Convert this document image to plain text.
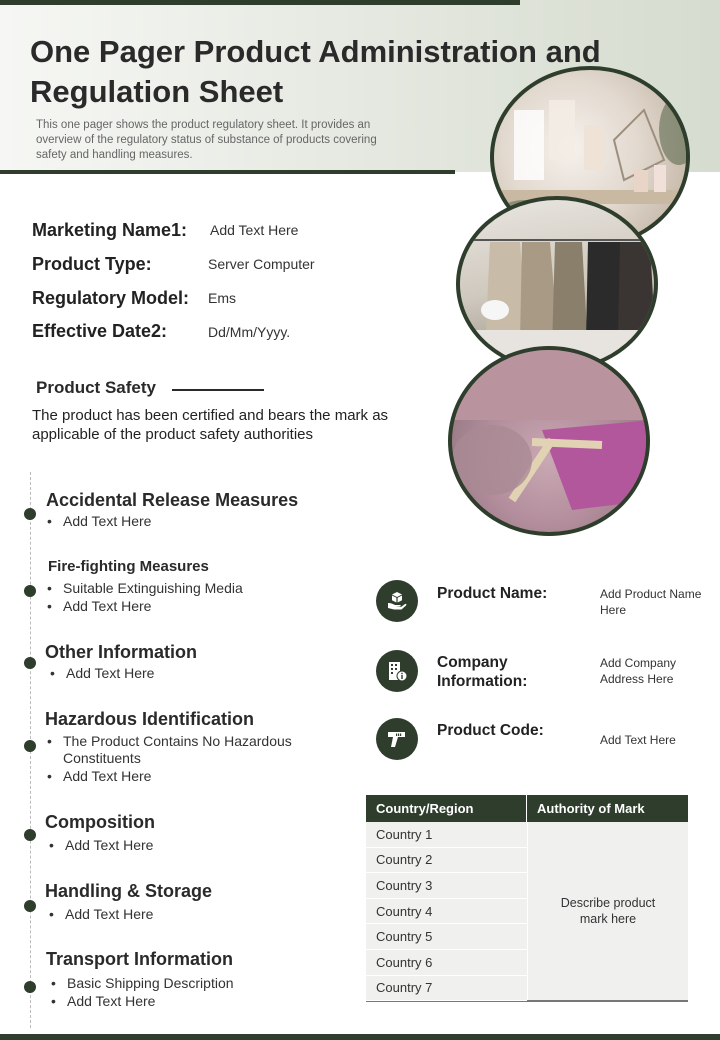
One Pager Product Administration and Regulation Sheet

This one pager shows the product regulatory sheet. It provides an overview of the regulatory status of substance of products covering safety and handling measures.

Marketing Name1: Add Text Here
Product Type:	Server Computer
Regulatory Model: Ems
Effective Date2:	Dd/Mm/Yyyy.
Product Safety

The product has been certified and bears the mark as applicable of the product safety authorities

Accidental Release Measures
• Add Text Here
Fire-fighting Measures
• Suitable Extinguishing Media
• Add Text Here
Other Information
• Add Text Here
Hazardous Identification
• The Product Contains No Hazardous Constituents
• Add Text Here
Composition
• Add Text Here
Handling & Storage
• Add Text Here
Transport Information
• Basic Shipping Description
• Add Text Here
Product Name:	Add Product Name Here
Company Information:
Add Company Address Here
Product Code:
Add Text Here
Country/Region	Authority of Mark
Country 1
Country 2
Country 3
Country 4
Country 5
Country 6
Country 7
Describe product mark here
